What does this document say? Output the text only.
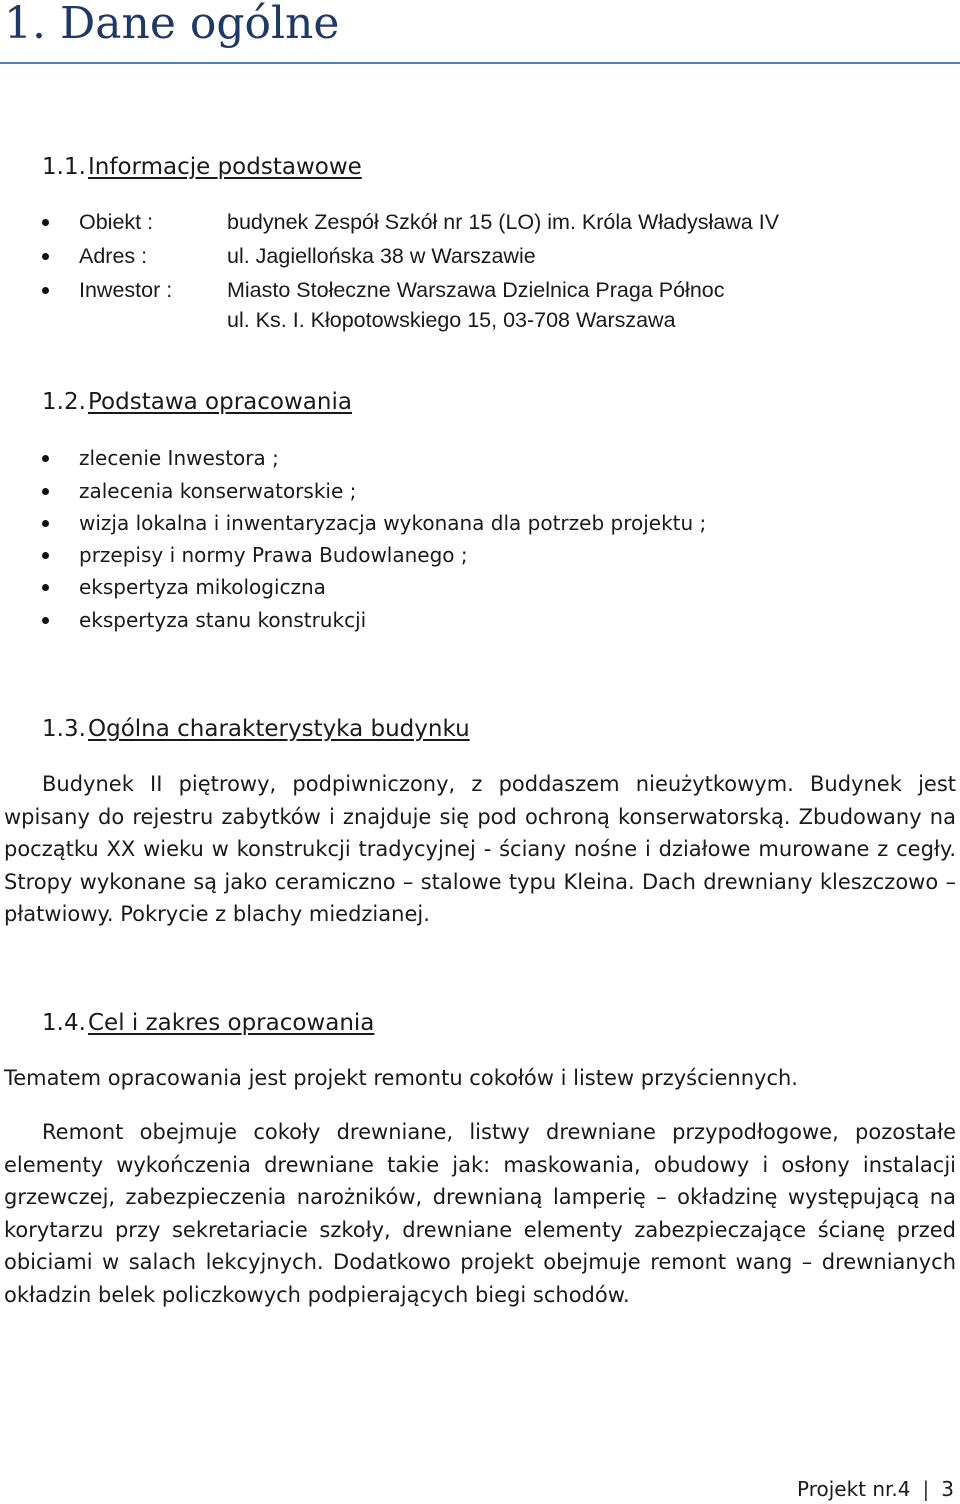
1. Dane ogólne
1.1.Informacje podstawowe
Obiekt :	budynek Zespół Szkół nr 15 (LO) im. Króla Władysława IV
Adres :	ul. Jagiellońska 38 w Warszawie
Inwestor :	Miasto Stołeczne Warszawa Dzielnica Praga Północ
ul. Ks. I. Kłopotowskiego 15, 03-708 Warszawa
1.2.Podstawa opracowania
zlecenie Inwestora ;
zalecenia konserwatorskie ;
wizja lokalna i inwentaryzacja wykonana dla potrzeb projektu ;
przepisy i normy Prawa Budowlanego ;
ekspertyza mikologiczna
ekspertyza stanu konstrukcji
1.3.Ogólna charakterystyka budynku

Budynek II piętrowy, podpiwniczony, z poddaszem nieużytkowym. Budynek jest wpisany do rejestru zabytków i znajduje się pod ochroną konserwatorską. Zbudowany na początku XX wieku w konstrukcji tradycyjnej - ściany nośne i działowe murowane z cegły. Stropy wykonane są jako ceramiczno – stalowe typu Kleina. Dach drewniany kleszczowo – płatwiowy. Pokrycie z blachy miedzianej.

1.4.Cel i zakres opracowania

Tematem opracowania jest projekt remontu cokołów i listew przyściennych.

Remont obejmuje cokoły drewniane, listwy drewniane przypodłogowe, pozostałe elementy wykończenia drewniane takie jak: maskowania, obudowy i osłony instalacji grzewczej, zabezpieczenia narożników, drewnianą lamperię – okładzinę występującą na korytarzu przy sekretariacie szkoły, drewniane elementy zabezpieczające ścianę przed obiciami w salach lekcyjnych. Dodatkowo projekt obejmuje remont wang – drewnianych okładzin belek policzkowych podpierających biegi schodów.

Projekt nr.4 | 3
